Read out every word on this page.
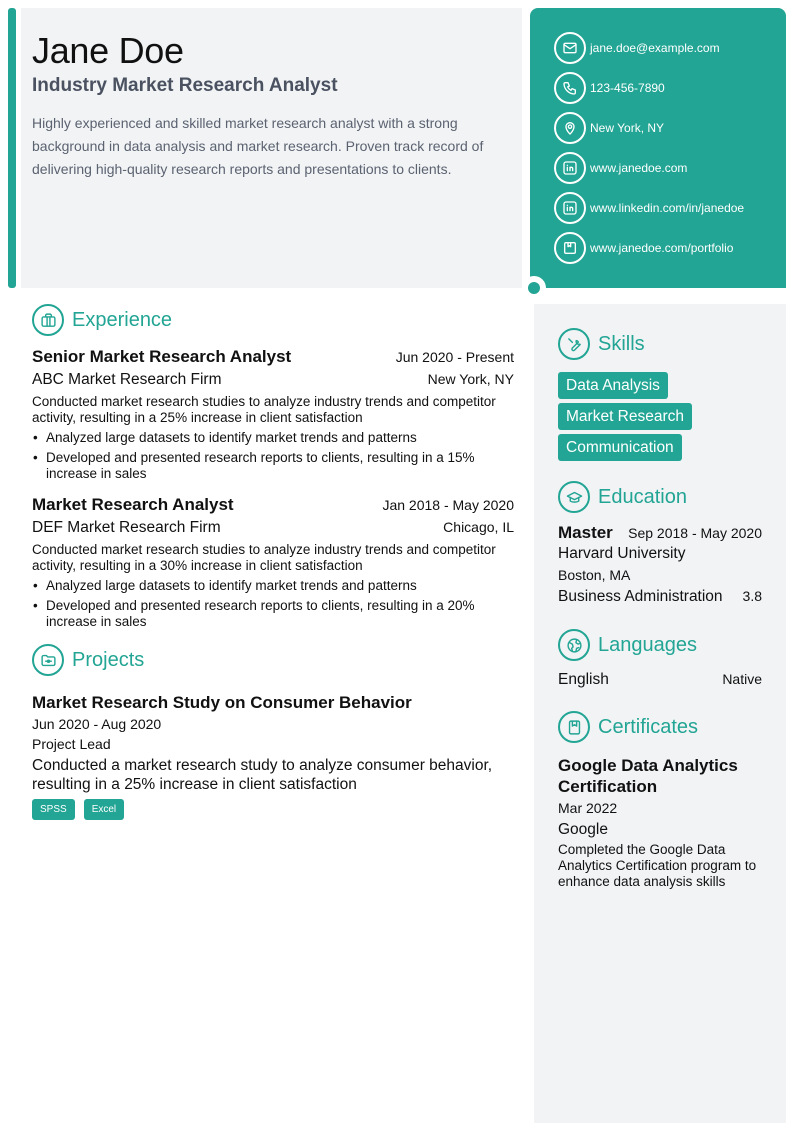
Jane Doe
Industry Market Research Analyst

Highly experienced and skilled market research analyst with a strong background in data analysis and market research. Proven track record of delivering high-quality research reports and presentations to clients.

jane.doe@example.com
123-456-7890
New York, NY
www.janedoe.com
www.linkedin.com/in/janedoe
www.janedoe.com/portfolio
Experience
Senior Market Research Analyst	Jun 2020 - Present
ABC Market Research Firm	New York, NY

Conducted market research studies to analyze industry trends and competitor activity, resulting in a 25% increase in client satisfaction

• Analyzed large datasets to identify market trends and patterns
• Developed and presented research reports to clients, resulting in a 15% increase in sales
Market Research Analyst	Jan 2018 - May 2020
DEF Market Research Firm	Chicago, IL

Conducted market research studies to analyze industry trends and competitor activity, resulting in a 30% increase in client satisfaction

• Analyzed large datasets to identify market trends and patterns
• Developed and presented research reports to clients, resulting in a 20% increase in sales
Projects
Market Research Study on Consumer Behavior
Jun 2020 - Aug 2020
Project Lead

Conducted a market research study to analyze consumer behavior, resulting in a 25% increase in client satisfaction

SPSS	Excel
Skills
Data Analysis
Market Research
Communication
Education
Master Sep 2018 - May 2020
Harvard University
Boston, MA
Business Administration 3.8
Languages
English	Native
Certificates
Google Data Analytics Certification
Mar 2022
Google

Completed the Google Data Analytics Certification program to enhance data analysis skills
